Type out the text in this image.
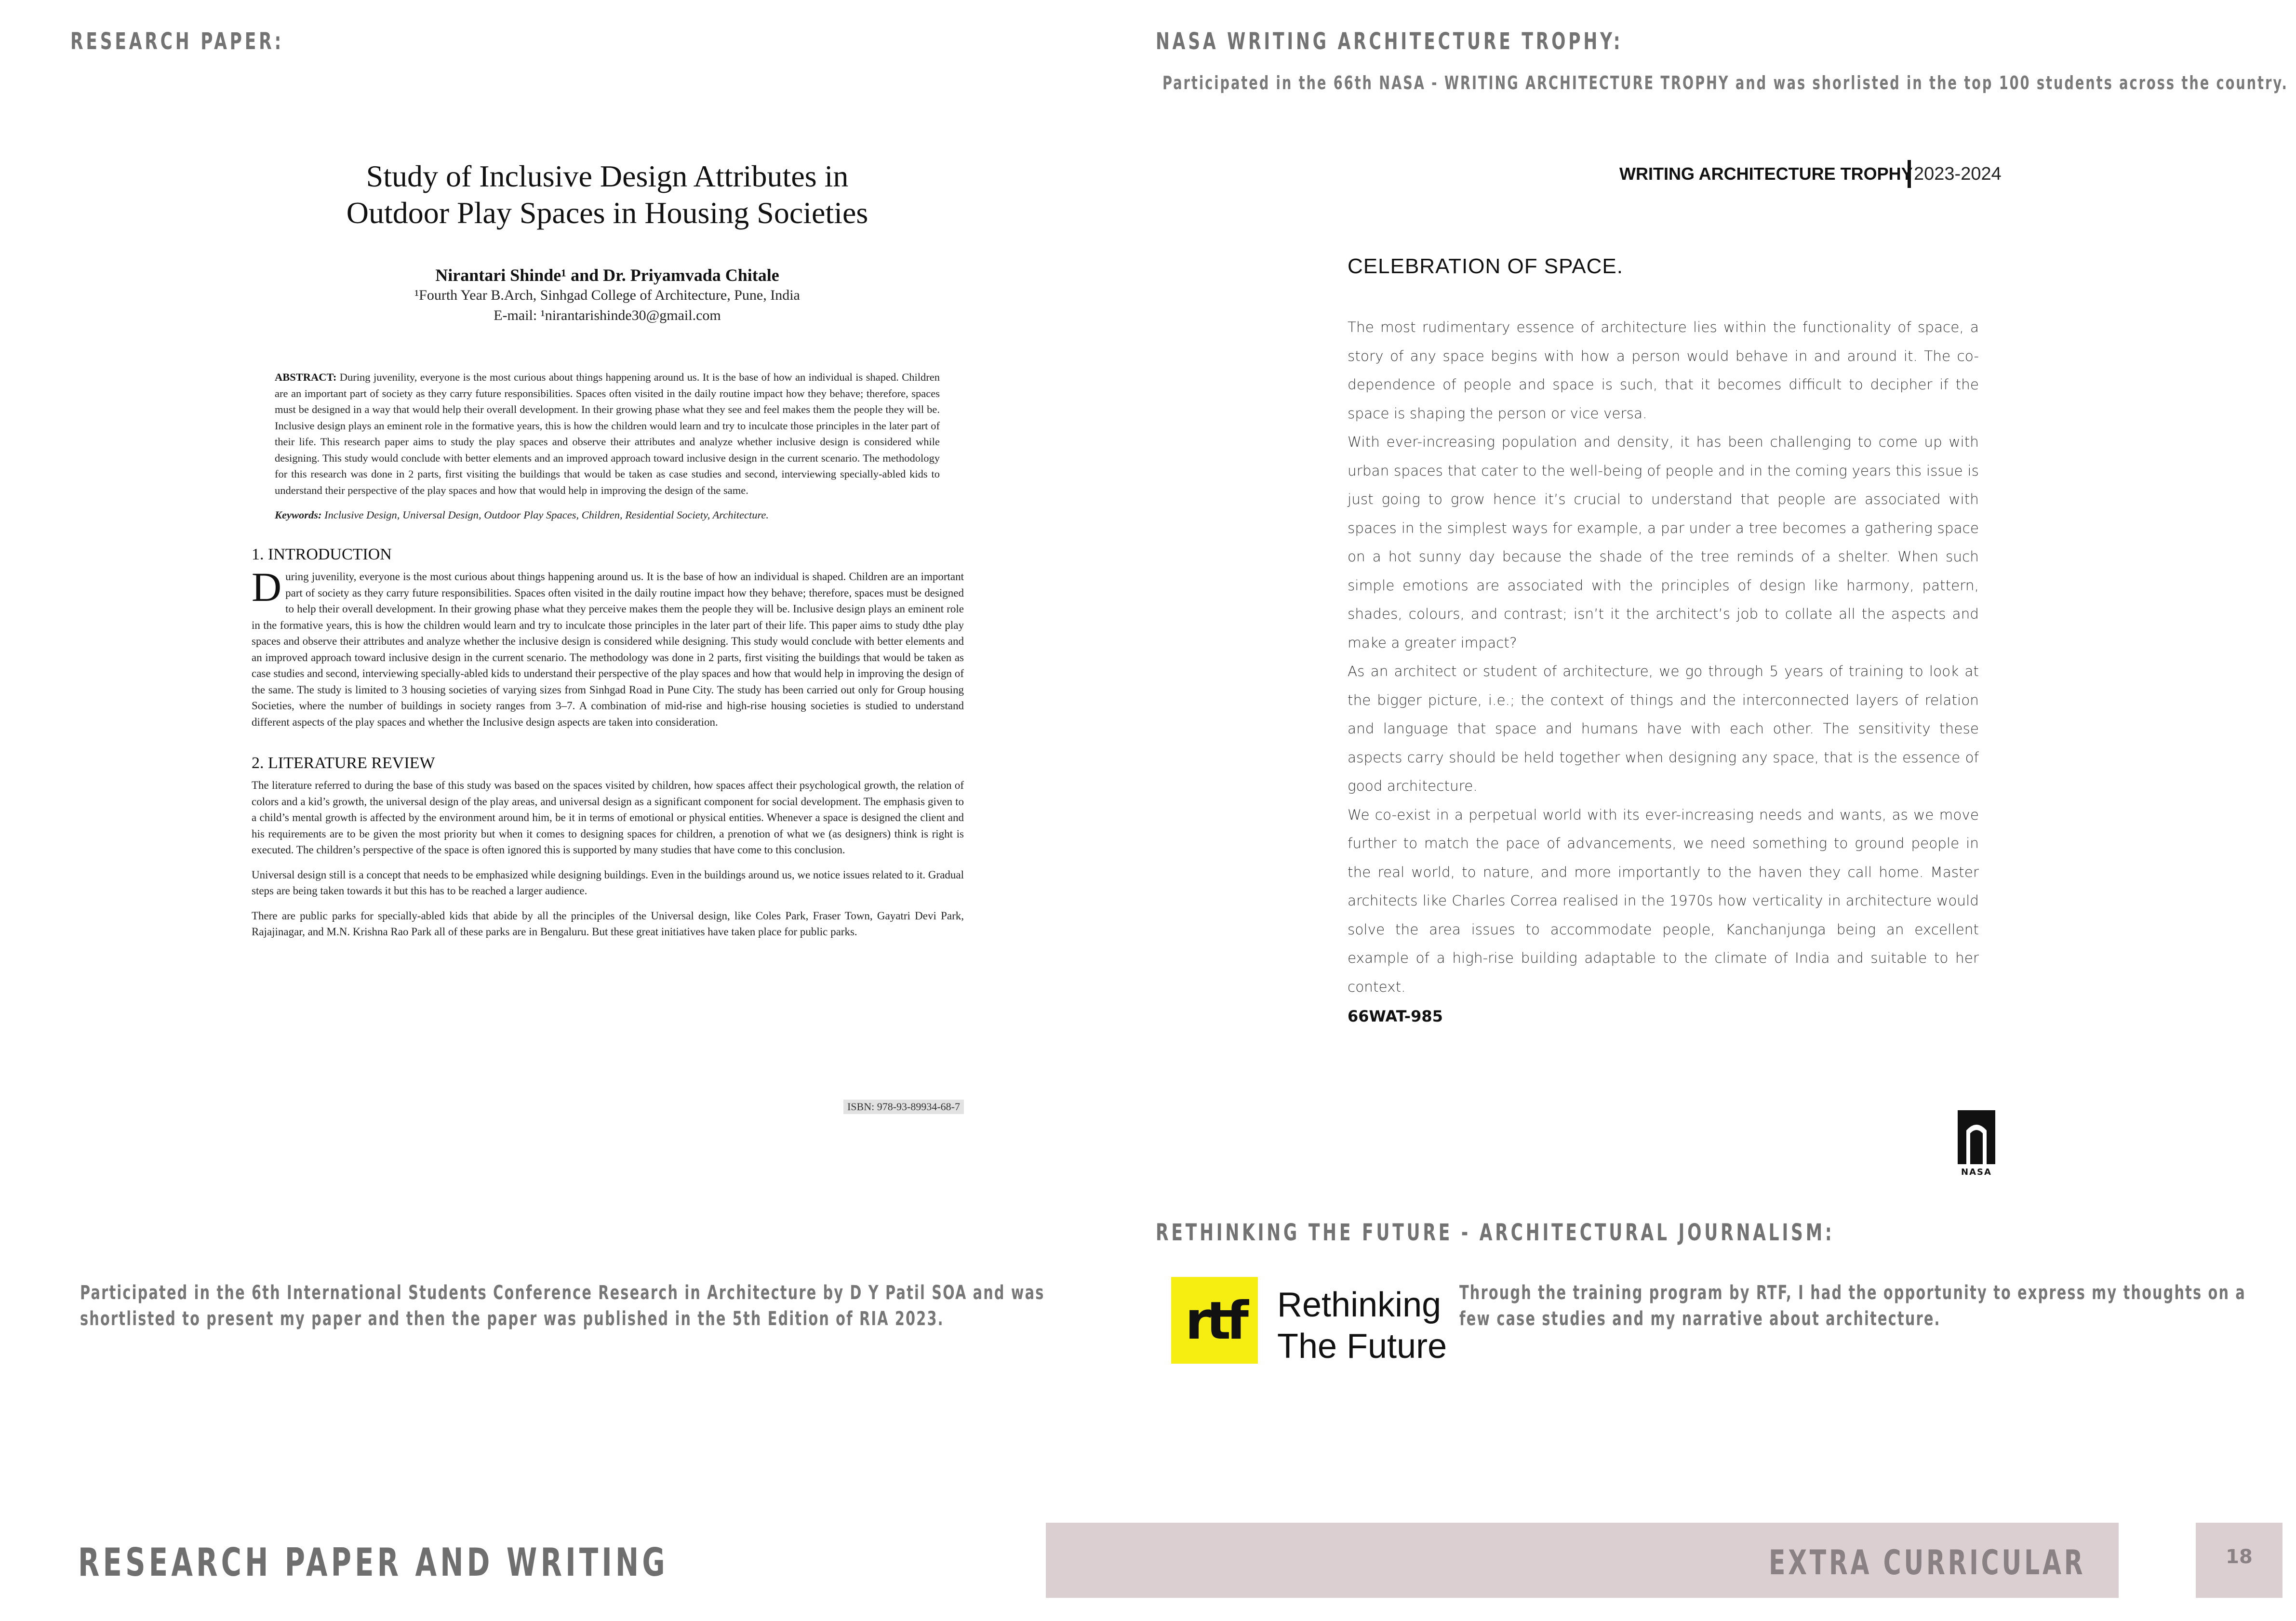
RESEARCH PAPER:
Study of Inclusive Design Attributes in
Outdoor Play Spaces in Housing Societies
Nirantari Shinde¹ and Dr. Priyamvada Chitale
¹Fourth Year B.Arch, Sinhgad College of Architecture, Pune, India
E-mail: ¹nirantarishinde30@gmail.com
ABSTRACT: During juvenility, everyone is the most curious about things happening around us. It is the base of how an individual is shaped. Children are an important part of society as they carry future responsibilities. Spaces often visited in the daily routine impact how they behave; therefore, spaces must be designed in a way that would help their overall development. In their growing phase what they see and feel makes them the people they will be. Inclusive design plays an eminent role in the formative years, this is how the children would learn and try to inculcate those principles in the later part of their life. This research paper aims to study the play spaces and observe their attributes and analyze whether inclusive design is considered while designing. This study would conclude with better elements and an improved approach toward inclusive design in the current scenario. The methodology for this research was done in 2 parts, first visiting the buildings that would be taken as case studies and second, interviewing specially-abled kids to understand their perspective of the play spaces and how that would help in improving the design of the same.
Keywords: Inclusive Design, Universal Design, Outdoor Play Spaces, Children, Residential Society, Architecture.
1. INTRODUCTION
D uring juvenility, everyone is the most curious about things happening around us. It is the base of how an individual is shaped. Children are an important part of society as they carry future responsibilities. Spaces often visited in the daily routine impact how they behave; therefore, spaces must be designed to help their overall development. In their growing phase what they perceive makes them the people they will be. Inclusive design plays an eminent role in the formative years, this is how the children would learn and try to inculcate those principles in the later part of their life. This paper aims to study dthe play spaces and observe their attributes and analyze whether the inclusive design is considered while designing. This study would conclude with better elements and an improved approach toward inclusive design in the current scenario. The methodology was done in 2 parts, first visiting the buildings that would be taken as case studies and second, interviewing specially-abled kids to understand their perspective of the play spaces and how that would help in improving the design of the same. The study is limited to 3 housing societies of varying sizes from Sinhgad Road in Pune City. The study has been carried out only for Group housing Societies, where the number of buildings in society ranges from 3–7. A combination of mid-rise and high-rise housing societies is studied to understand different aspects of the play spaces and whether the Inclusive design aspects are taken into consideration.
2. LITERATURE REVIEW
The literature referred to during the base of this study was based on the spaces visited by children, how spaces affect their psychological growth, the relation of colors and a kid’s growth, the universal design of the play areas, and universal design as a significant component for social development. The emphasis given to a child’s mental growth is affected by the environment around him, be it in terms of emotional or physical entities. Whenever a space is designed the client and his requirements are to be given the most priority but when it comes to designing spaces for children, a prenotion of what we (as designers) think is right is executed. The children’s perspective of the space is often ignored this is supported by many studies that have come to this conclusion.
Universal design still is a concept that needs to be emphasized while designing buildings. Even in the buildings around us, we notice issues related to it. Gradual steps are being taken towards it but this has to be reached a larger audience.
There are public parks for specially-abled kids that abide by all the principles of the Universal design, like Coles Park, Fraser Town, Gayatri Devi Park, Rajajinagar, and M.N. Krishna Rao Park all of these parks are in Bengaluru. But these great initiatives have taken place for public parks.
ISBN: 978-93-89934-68-7
Participated in the 6th International Students Conference Research in Architecture by D Y Patil SOA and was shortlisted to present my paper and then the paper was published in the 5th Edition of RIA 2023.
NASA WRITING ARCHITECTURE TROPHY:
Participated in the 66th NASA - WRITING ARCHITECTURE TROPHY and was shorlisted in the top 100 students across the country.
WRITING ARCHITECTURE TROPHY 2023-2024
CELEBRATION OF SPACE.

The most rudimentary essence of architecture lies within the functionality of space, a story of any space begins with how a person would behave in and around it. The co-dependence of people and space is such, that it becomes difficult to decipher if the space is shaping the person or vice versa.

With ever-increasing population and density, it has been challenging to come up with urban spaces that cater to the well-being of people and in the coming years this issue is just going to grow hence it’s crucial to understand that people are associated with spaces in the simplest ways for example, a par under a tree becomes a gathering space on a hot sunny day because the shade of the tree reminds of a shelter. When such simple emotions are associated with the principles of design like harmony, pattern, shades, colours, and contrast; isn’t it the architect’s job to collate all the aspects and make a greater impact?

As an architect or student of architecture, we go through 5 years of training to look at the bigger picture, i.e.; the context of things and the interconnected layers of relation and language that space and humans have with each other. The sensitivity these aspects carry should be held together when designing any space, that is the essence of good architecture.

We co-exist in a perpetual world with its ever-increasing needs and wants, as we move further to match the pace of advancements, we need something to ground people in the real world, to nature, and more importantly to the haven they call home. Master architects like Charles Correa realised in the 1970s how verticality in architecture would solve the area issues to accommodate people, Kanchanjunga being an excellent example of a high-rise building adaptable to the climate of India and suitable to her context.

66WAT-985
NASA
RETHINKING THE FUTURE - ARCHITECTURAL JOURNALISM:
rtf Rethinking
The Future
Through the training program by RTF, I had the opportunity to express my thoughts on a few case studies and my narrative about architecture.
RESEARCH PAPER AND WRITING	EXTRA CURRICULAR	18
